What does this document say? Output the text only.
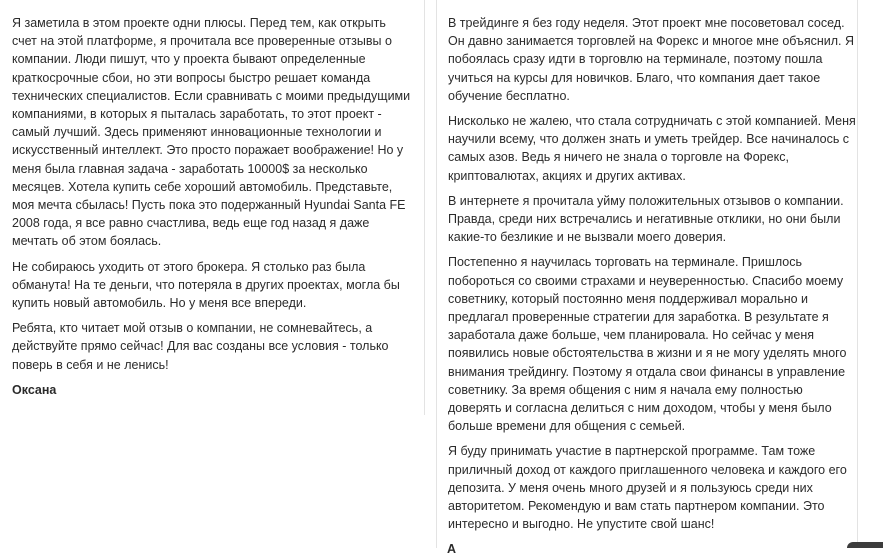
Я заметила в этом проекте одни плюсы. Перед тем, как открыть счет на этой платформе, я прочитала все проверенные отзывы о компании. Люди пишут, что у проекта бывают определенные краткосрочные сбои, но эти вопросы быстро решает команда технических специалистов. Если сравнивать с моими предыдущими компаниями, в которых я пыталась заработать, то этот проект - самый лучший. Здесь применяют инновационные технологии и искусственный интеллект. Это просто поражает воображение! Но у меня была главная задача - заработать 10000$ за несколько месяцев. Хотела купить себе хороший автомобиль. Представьте, моя мечта сбылась! Пусть пока это подержанный Hyundai Santa FE 2008 года, я все равно счастлива, ведь еще год назад я даже мечтать об этом боялась.

Не собираюсь уходить от этого брокера. Я столько раз была обманута! На те деньги, что потеряла в других проектах, могла бы купить новый автомобиль. Но у меня все впереди.

Ребята, кто читает мой отзыв о компании, не сомневайтесь, а действуйте прямо сейчас! Для вас созданы все условия - только поверь в себя и не ленись!

Оксана

В трейдинге я без году неделя. Этот проект мне посоветовал сосед. Он давно занимается торговлей на Форекс и многое мне объяснил. Я побоялась сразу идти в торговлю на терминале, поэтому пошла учиться на курсы для новичков. Благо, что компания дает такое обучение бесплатно.

Нисколько не жалею, что стала сотрудничать с этой компанией. Меня научили всему, что должен знать и уметь трейдер. Все начиналось с самых азов. Ведь я ничего не знала о торговле на Форекс, криптовалютах, акциях и других активах.

В интернете я прочитала уйму положительных отзывов о компании. Правда, среди них встречались и негативные отклики, но они были какие-то безликие и не вызвали моего доверия.

Постепенно я научилась торговать на терминале. Пришлось побороться со своими страхами и неуверенностью. Спасибо моему советнику, который постоянно меня поддерживал морально и предлагал проверенные стратегии для заработка. В результате я заработала даже больше, чем планировала. Но сейчас у меня появились новые обстоятельства в жизни и я не могу уделять много внимания трейдингу. Поэтому я отдала свои финансы в управление советнику. За время общения с ним я начала ему полностью доверять и согласна делиться с ним доходом, чтобы у меня было больше времени для общения с семьей.

Я буду принимать участие в партнерской программе. Там тоже приличный доход от каждого приглашенного человека и каждого его депозита. У меня очень много друзей и я пользуюсь среди них авторитетом. Рекомендую и вам стать партнером компании. Это интересно и выгодно. Не упустите свой шанс!

А
